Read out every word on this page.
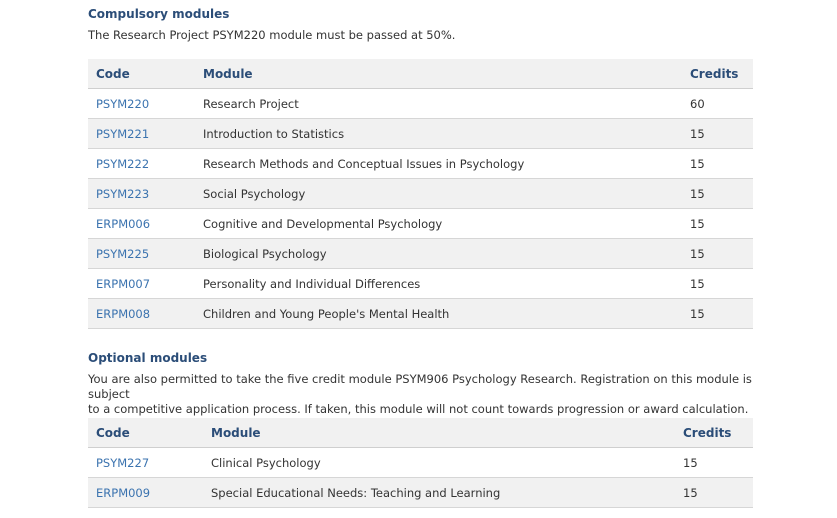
Compulsory modules

The Research Project PSYM220 module must be passed at 50%.

Code	Module	Credits
PSYM220	Research Project	60
PSYM221	Introduction to Statistics	15
PSYM222	Research Methods and Conceptual Issues in Psychology	15
PSYM223	Social Psychology	15
ERPM006	Cognitive and Developmental Psychology	15
PSYM225	Biological Psychology	15
ERPM007	Personality and Individual Differences	15
ERPM008	Children and Young People's Mental Health	15
Optional modules

You are also permitted to take the five credit module PSYM906 Psychology Research. Registration on this module is subject

to a competitive application process. If taken, this module will not count towards progression or award calculation.

Code	Module	Credits
PSYM227	Clinical Psychology	15
ERPM009	Special Educational Needs: Teaching and Learning	15
